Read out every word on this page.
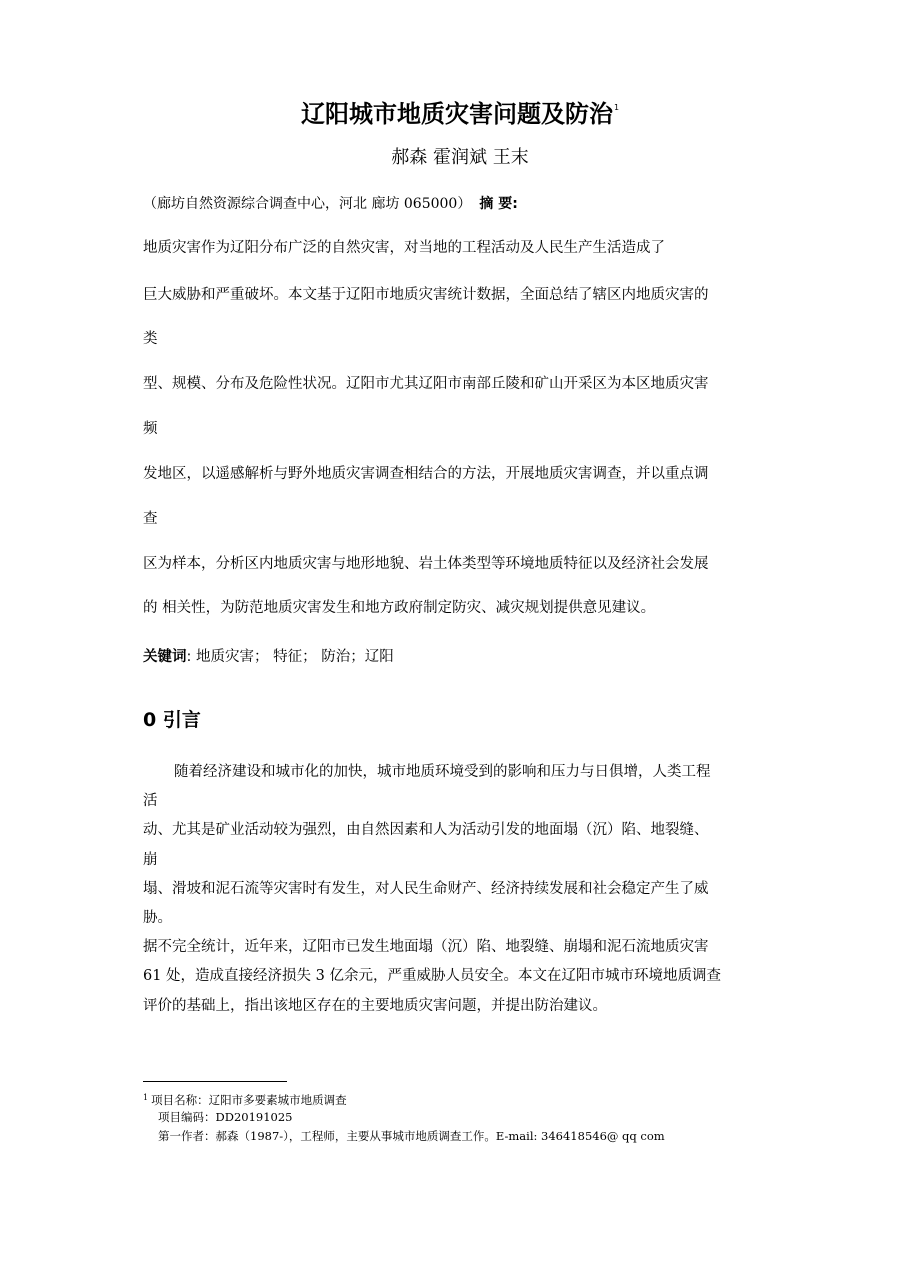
辽阳城市地质灾害问题及防治$^1$
郝森 霍润斌 王末
（廊坊自然资源综合调查中心，河北 廊坊 065000） 摘 要:
地质灾害作为辽阳分布广泛的自然灾害，对当地的工程活动及人民生产生活造成了
巨大威胁和严重破坏。本文基于辽阳市地质灾害统计数据，全面总结了辖区内地质灾害的
类
型、规模、分布及危险性状况。辽阳市尤其辽阳市南部丘陵和矿山开采区为本区地质灾害
频
发地区，以遥感解析与野外地质灾害调查相结合的方法，开展地质灾害调查，并以重点调
查
区为样本，分析区内地质灾害与地形地貌、岩土体类型等环境地质特征以及经济社会发展
的 相关性，为防范地质灾害发生和地方政府制定防灾、减灾规划提供意见建议。
关键词: 地质灾害； 特征； 防治；辽阳
0 引言
随着经济建设和城市化的加快，城市地质环境受到的影响和压力与日俱增，人类工程
活
动、尤其是矿业活动较为强烈，由自然因素和人为活动引发的地面塌（沉）陷、地裂缝、
崩
塌、滑坡和泥石流等灾害时有发生，对人民生命财产、经济持续发展和社会稳定产生了威
胁。
据不完全统计，近年来，辽阳市已发生地面塌（沉）陷、地裂缝、崩塌和泥石流地质灾害
61 处，造成直接经济损失 3 亿余元，严重威胁人员安全。本文在辽阳市城市环境地质调查
评价的基础上，指出该地区存在的主要地质灾害问题，并提出防治建议。
$^1$ 项目名称：辽阳市多要素城市地质调查
项目编码：DD20191025
第一作者：郝森（1987-），工程师，主要从事城市地质调查工作。E-mail: 346418546@ qq com
